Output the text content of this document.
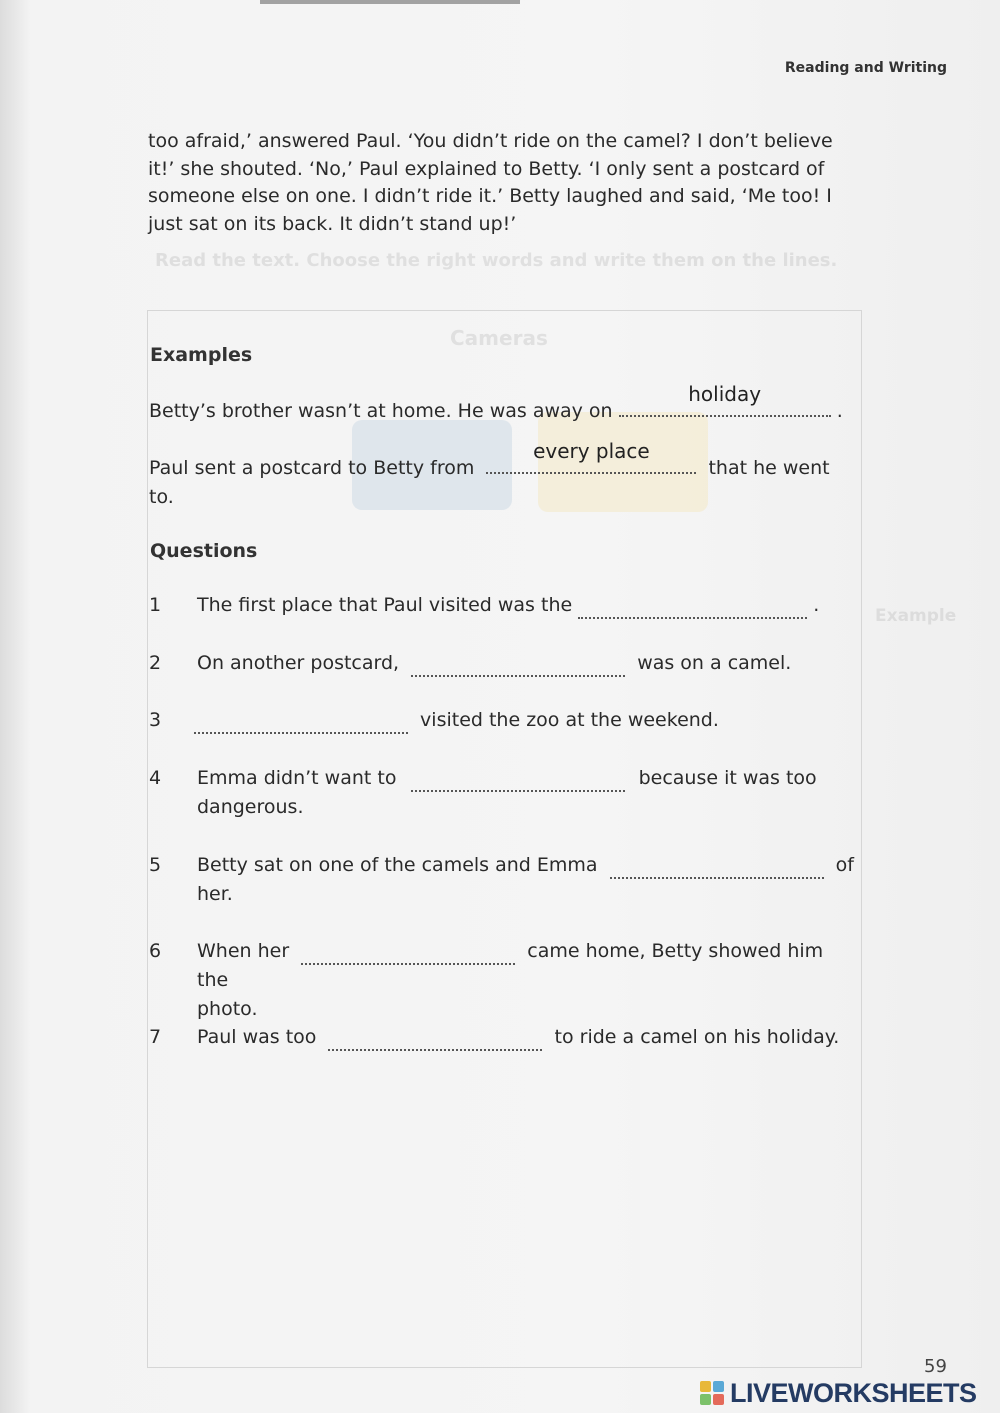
Read the text. Choose the right words and write them on the lines.
Cameras
Example
Reading and Writing
too afraid,’ answered Paul. ‘You didn’t ride on the camel? I don’t believe
it!’ she shouted. ‘No,’ Paul explained to Betty. ‘I only sent a postcard of
someone else on one. I didn’t ride it.’ Betty laughed and said, ‘Me too! I
just sat on its back. It didn’t stand up!’
Examples
Betty’s brother wasn’t at home. He was away on
holiday
.
Paul sent a postcard to Betty from
every place
that he went
to.
Questions
1 The first place that Paul visited was the	.
2 On another postcard,	was on a camel.
3	visited the zoo at the weekend.
4 Emma didn’t want to	because it was too
dangerous.
5 Betty sat on one of the camels and Emma	of
her.
6 When her	came home, Betty showed him the
photo.
7 Paul was too	to ride a camel on his holiday.
59
LIVEWORKSHEETS
